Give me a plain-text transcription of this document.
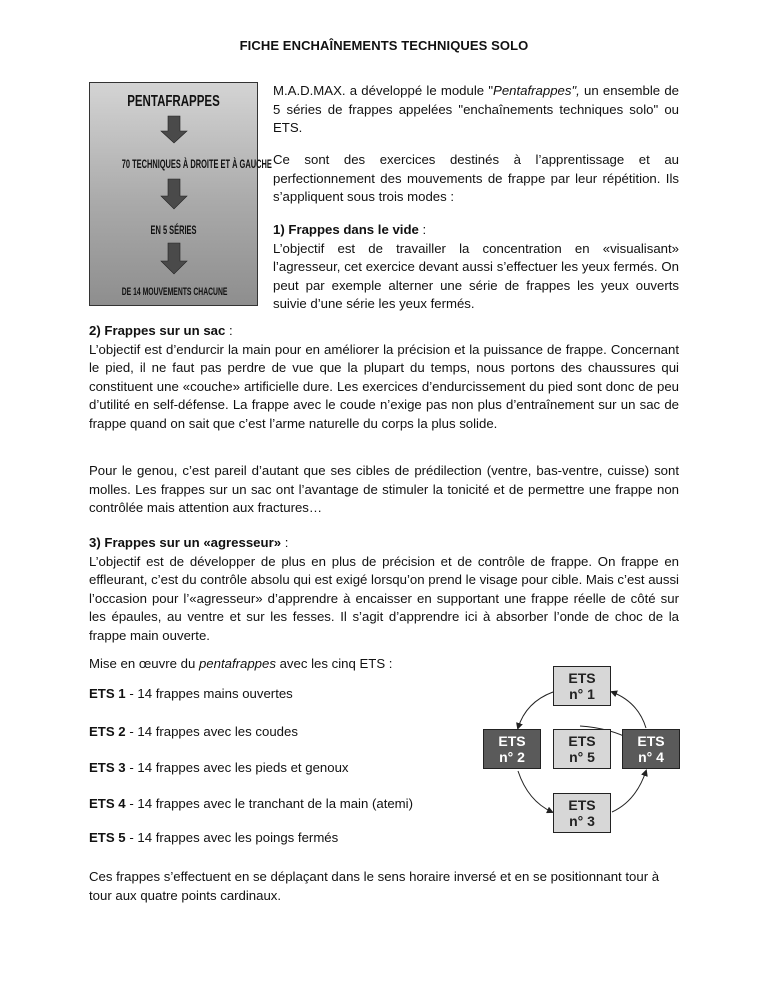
FICHE ENCHAÎNEMENTS TECHNIQUES SOLO
PENTAFRAPPES
70 TECHNIQUES À DROITE ET À GAUCHE
EN 5 SÉRIES
DE 14 MOUVEMENTS CHACUNE
M.A.D.MAX. a développé le module "Pentafrappes", un ensemble de 5 séries de frappes appelées "enchaînements techniques solo" ou ETS.
Ce sont des exercices destinés à l’apprentissage et au perfectionnement des mouvements de frappe par leur répétition. Ils s’appliquent sous trois modes :
1) Frappes dans le vide :
L’objectif est de travailler la concentration en «visualisant» l’agresseur, cet exercice devant aussi s’effectuer les yeux fermés. On peut par exemple alterner une série de frappes les yeux ouverts suivie d’une série les yeux fermés.
2) Frappes sur un sac :
L’objectif est d’endurcir la main pour en améliorer la précision et la puissance de frappe. Concernant le pied, il ne faut pas perdre de vue que la plupart du temps, nous portons des chaussures qui constituent une «couche» artificielle dure. Les exercices d’endurcissement du pied sont donc de peu d’utilité en self-défense. La frappe avec le coude n’exige pas non plus d’entraînement sur un sac de frappe quand on sait que c’est l’arme naturelle du corps la plus solide.
Pour le genou, c’est pareil d’autant que ses cibles de prédilection (ventre, bas-ventre, cuisse) sont molles. Les frappes sur un sac ont l’avantage de stimuler la tonicité et de permettre une frappe non contrôlée mais attention aux fractures…
3) Frappes sur un «agresseur» :
L’objectif est de développer de plus en plus de précision et de contrôle de frappe. On frappe en effleurant, c’est du contrôle absolu qui est exigé lorsqu’on prend le visage pour cible. Mais c’est aussi l’occasion pour l’«agresseur» d’apprendre à encaisser en supportant une frappe réelle de côté sur les épaules, au ventre et sur les fesses. Il s’agit d’apprendre ici à absorber l’onde de choc de la frappe main ouverte.
Mise en œuvre du pentafrappes avec les cinq ETS :
ETS 1 - 14 frappes mains ouvertes
ETS 2 - 14 frappes avec les coudes
ETS 3 - 14 frappes avec les pieds et genoux
ETS 4 - 14 frappes avec le tranchant de la main (atemi)
ETS 5 - 14 frappes avec les poings fermés
ETS
n° 1
ETS
n° 2
ETS
n° 5
ETS
n° 4
ETS
n° 3
Ces frappes s’effectuent en se déplaçant dans le sens horaire inversé et en se positionnant tour à tour aux quatre points cardinaux.
